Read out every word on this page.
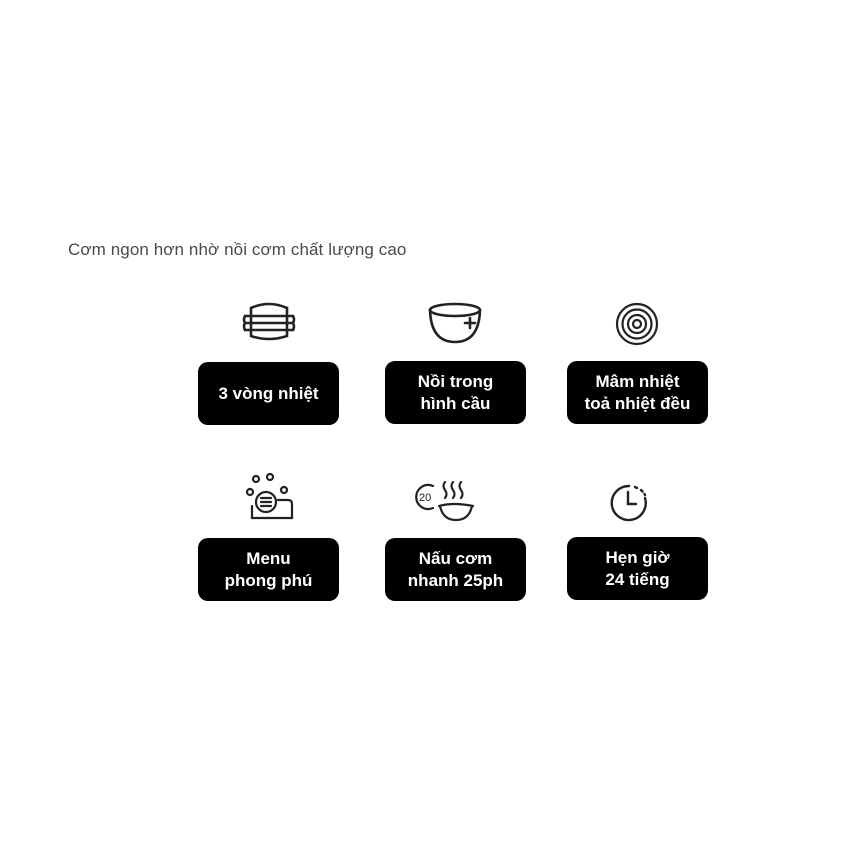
Cơm ngon hơn nhờ nồi cơm chất lượng cao
3 vòng nhiệt
Nồi trong
hình cầu
Mâm nhiệt
toả nhiệt đều
Menu
phong phú
20
Nấu cơm
nhanh 25ph
Hẹn giờ
24 tiếng
